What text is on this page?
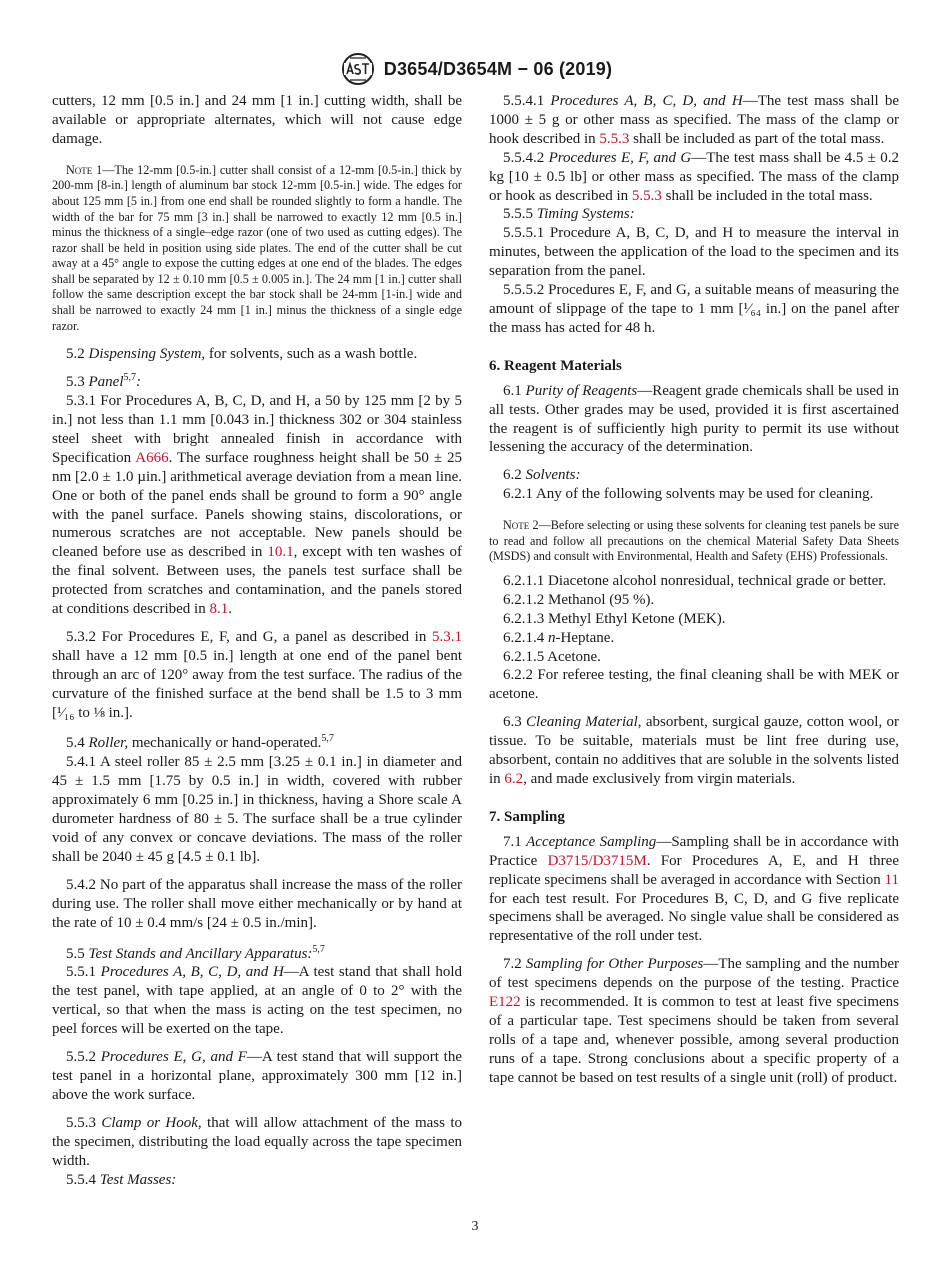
D3654/D3654M − 06 (2019)

cutters, 12 mm [0.5 in.] and 24 mm [1 in.] cutting width, shall be available or appropriate alternates, which will not cause edge damage.

Note 1—The 12-mm [0.5-in.] cutter shall consist of a 12-mm [0.5-in.] thick by 200-mm [8-in.] length of aluminum bar stock 12-mm [0.5-in.] wide. The edges for about 125 mm [5 in.] from one end shall be rounded slightly to form a handle. The width of the bar for 75 mm [3 in.] shall be narrowed to exactly 12 mm [0.5 in.] minus the thickness of a single–edge razor (one of two used as cutting edges). The razor shall be held in position using side plates. The end of the cutter shall be cut away at a 45° angle to expose the cutting edges at one end of the blades. The edges shall be separated by 12 ± 0.10 mm [0.5 ± 0.005 in.]. The 24 mm [1 in.] cutter shall follow the same description except the bar stock shall be 24-mm [1-in.] wide and shall be narrowed to exactly 24 mm [1 in.] minus the thickness of a single edge razor.

5.2 Dispensing System, for solvents, such as a wash bottle.

5.3 Panel$^{5,7}$:

5.3.1 For Procedures A, B, C, D, and H, a 50 by 125 mm [2 by 5 in.] not less than 1.1 mm [0.043 in.] thickness 302 or 304 stainless steel sheet with bright annealed finish in accordance with Specification A666. The surface roughness height shall be 50 ± 25 nm [2.0 ± 1.0 µin.] arithmetical average deviation from a mean line. One or both of the panel ends shall be ground to form a 90° angle with the panel surface. Panels showing stains, discolorations, or numerous scratches are not acceptable. New panels should be cleaned before use as described in 10.1, except with ten washes of the final solvent. Between uses, the panels test surface shall be protected from scratches and contamination, and the panels stored at conditions described in 8.1.

5.3.2 For Procedures E, F, and G, a panel as described in 5.3.1 shall have a 12 mm [0.5 in.] length at one end of the panel bent through an arc of 120° away from the test surface. The radius of the curvature of the finished surface at the bend shall be 1.5 to 3 mm [¹⁄₁₆ to ⅛ in.].

5.4 Roller, mechanically or hand-operated.$^{5,7}$

5.4.1 A steel roller 85 ± 2.5 mm [3.25 ± 0.1 in.] in diameter and 45 ± 1.5 mm [1.75 by 0.5 in.] in width, covered with rubber approximately 6 mm [0.25 in.] in thickness, having a Shore scale A durometer hardness of 80 ± 5. The surface shall be a true cylinder void of any convex or concave deviations. The mass of the roller shall be 2040 ± 45 g [4.5 ± 0.1 lb].

5.4.2 No part of the apparatus shall increase the mass of the roller during use. The roller shall move either mechanically or by hand at the rate of 10 ± 0.4 mm/s [24 ± 0.5 in./min].

5.5 Test Stands and Ancillary Apparatus:$^{5,7}$

5.5.1 Procedures A, B, C, D, and H—A test stand that shall hold the test panel, with tape applied, at an angle of 0 to 2° with the vertical, so that when the mass is acting on the test specimen, no peel forces will be exerted on the tape.

5.5.2 Procedures E, G, and F—A test stand that will support the test panel in a horizontal plane, approximately 300 mm [12 in.] above the work surface.

5.5.3 Clamp or Hook, that will allow attachment of the mass to the specimen, distributing the load equally across the tape specimen width.

5.5.4 Test Masses:

5.5.4.1 Procedures A, B, C, D, and H—The test mass shall be 1000 ± 5 g or other mass as specified. The mass of the clamp or hook described in 5.5.3 shall be included as part of the total mass.

5.5.4.2 Procedures E, F, and G—The test mass shall be 4.5 ± 0.2 kg [10 ± 0.5 lb] or other mass as specified. The mass of the clamp or hook as described in 5.5.3 shall be included in the total mass.

5.5.5 Timing Systems:

5.5.5.1 Procedure A, B, C, D, and H to measure the interval in minutes, between the application of the load to the specimen and its separation from the panel.

5.5.5.2 Procedures E, F, and G, a suitable means of measuring the amount of slippage of the tape to 1 mm [¹⁄₆₄ in.] on the panel after the mass has acted for 48 h.

6. Reagent Materials

6.1 Purity of Reagents—Reagent grade chemicals shall be used in all tests. Other grades may be used, provided it is first ascertained the reagent is of sufficiently high purity to permit its use without lessening the accuracy of the determination.

6.2 Solvents:

6.2.1 Any of the following solvents may be used for cleaning.

Note 2—Before selecting or using these solvents for cleaning test panels be sure to read and follow all precautions on the chemical Material Safety Data Sheets (MSDS) and consult with Environmental, Health and Safety (EHS) Professionals.

6.2.1.1 Diacetone alcohol nonresidual, technical grade or better.

6.2.1.2 Methanol (95 %).

6.2.1.3 Methyl Ethyl Ketone (MEK).

6.2.1.4 n-Heptane.

6.2.1.5 Acetone.

6.2.2 For referee testing, the final cleaning shall be with MEK or acetone.

6.3 Cleaning Material, absorbent, surgical gauze, cotton wool, or tissue. To be suitable, materials must be lint free during use, absorbent, contain no additives that are soluble in the solvents listed in 6.2, and made exclusively from virgin materials.

7. Sampling

7.1 Acceptance Sampling—Sampling shall be in accordance with Practice D3715/D3715M. For Procedures A, E, and H three replicate specimens shall be averaged in accordance with Section 11 for each test result. For Procedures B, C, D, and G five replicate specimens shall be averaged. No single value shall be considered as representative of the roll under test.

7.2 Sampling for Other Purposes—The sampling and the number of test specimens depends on the purpose of the testing. Practice E122 is recommended. It is common to test at least five specimens of a particular tape. Test specimens should be taken from several rolls of a tape and, whenever possible, among several production runs of a tape. Strong conclusions about a specific property of a tape cannot be based on test results of a single unit (roll) of product.

3
